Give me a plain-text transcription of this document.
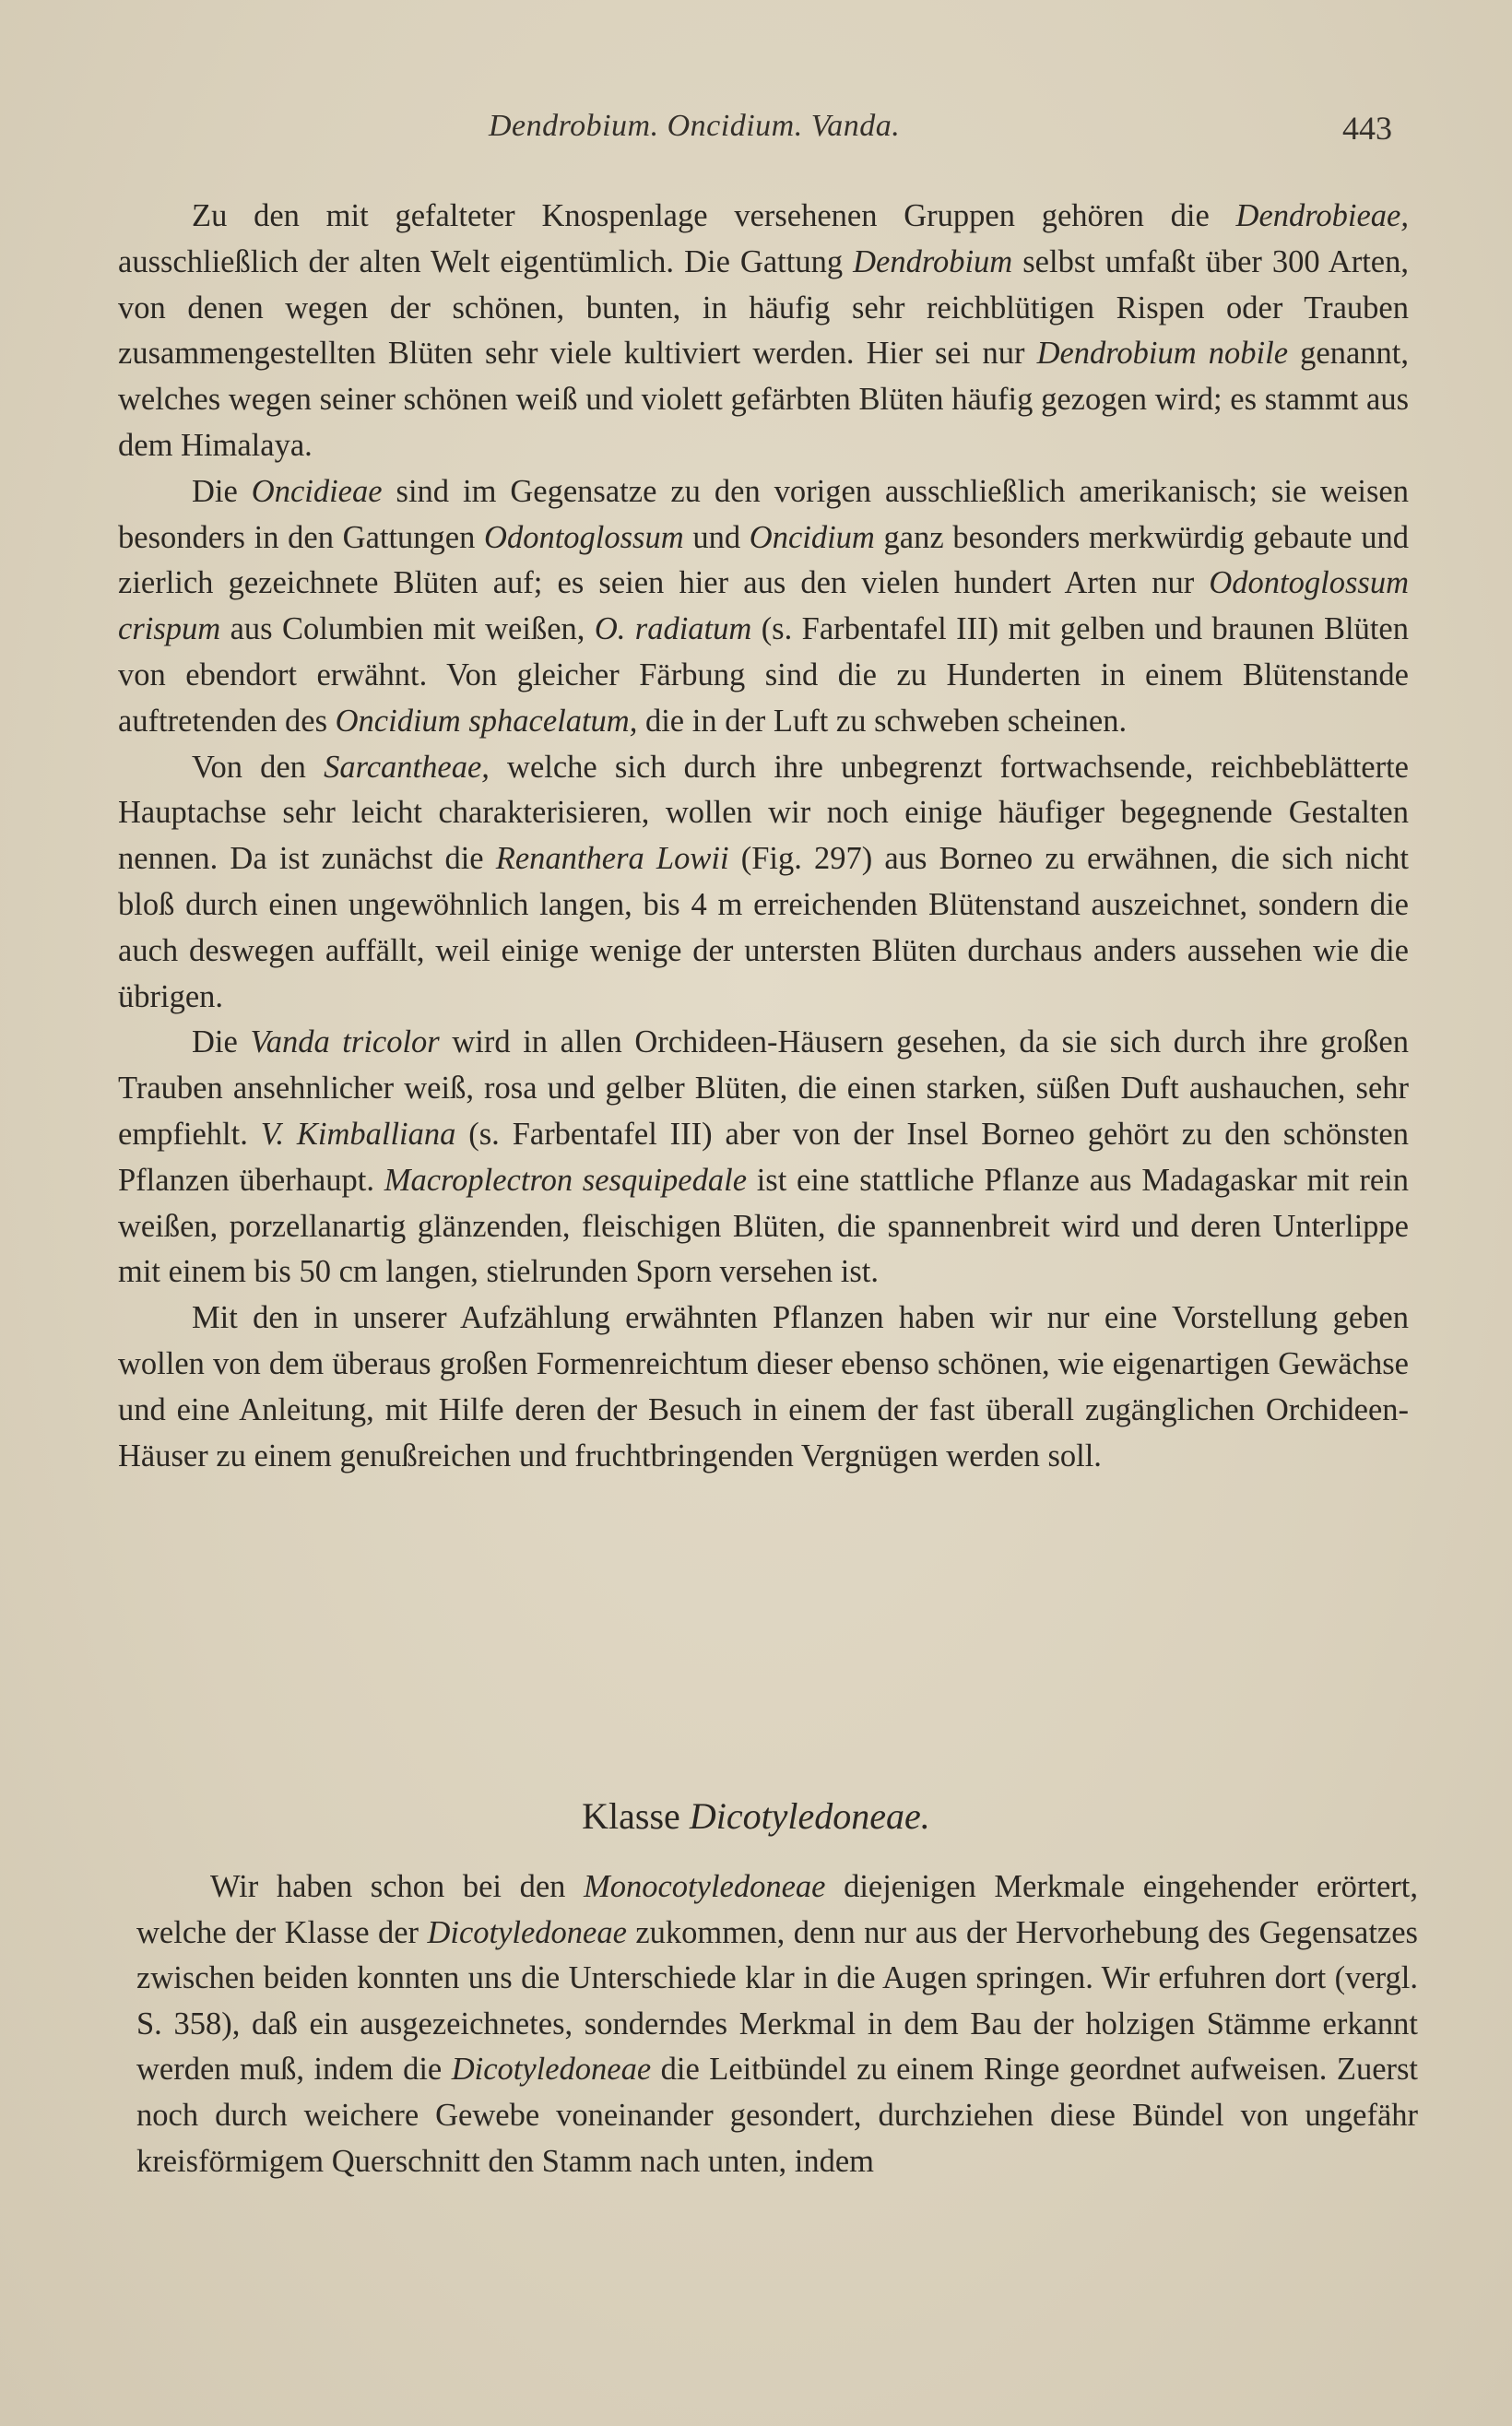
Dendrobium. Oncidium. Vanda.	443

Zu den mit gefalteter Knospenlage versehenen Gruppen gehören die Dendrobieae, ausschließlich der alten Welt eigentümlich. Die Gattung Dendrobium selbst umfaßt über 300 Arten, von denen wegen der schönen, bunten, in häufig sehr reichblütigen Rispen oder Trauben zusammengestellten Blüten sehr viele kultiviert werden. Hier sei nur Dendrobium nobile genannt, welches wegen seiner schönen weiß und violett gefärbten Blüten häufig gezogen wird; es stammt aus dem Himalaya.

Die Oncidieae sind im Gegensatze zu den vorigen ausschließlich amerikanisch; sie weisen besonders in den Gattungen Odontoglossum und Oncidium ganz besonders merkwürdig gebaute und zierlich gezeichnete Blüten auf; es seien hier aus den vielen hundert Arten nur Odontoglossum crispum aus Columbien mit weißen, O. radiatum (s. Farbentafel III) mit gelben und braunen Blüten von ebendort erwähnt. Von gleicher Färbung sind die zu Hunderten in einem Blütenstande auftretenden des Oncidium sphacelatum, die in der Luft zu schweben scheinen.

Von den Sarcantheae, welche sich durch ihre unbegrenzt fortwachsende, reichbeblätterte Hauptachse sehr leicht charakterisieren, wollen wir noch einige häufiger begegnende Gestalten nennen. Da ist zunächst die Renanthera Lowii (Fig. 297) aus Borneo zu erwähnen, die sich nicht bloß durch einen ungewöhnlich langen, bis 4 m erreichenden Blütenstand auszeichnet, sondern die auch deswegen auffällt, weil einige wenige der untersten Blüten durchaus anders aussehen wie die übrigen.

Die Vanda tricolor wird in allen Orchideen-Häusern gesehen, da sie sich durch ihre großen Trauben ansehnlicher weiß, rosa und gelber Blüten, die einen starken, süßen Duft aushauchen, sehr empfiehlt. V. Kimballiana (s. Farbentafel III) aber von der Insel Borneo gehört zu den schönsten Pflanzen überhaupt. Macroplectron sesquipedale ist eine stattliche Pflanze aus Madagaskar mit rein weißen, porzellanartig glänzenden, fleischigen Blüten, die spannenbreit wird und deren Unterlippe mit einem bis 50 cm langen, stielrunden Sporn versehen ist.

Mit den in unserer Aufzählung erwähnten Pflanzen haben wir nur eine Vorstellung geben wollen von dem überaus großen Formenreichtum dieser ebenso schönen, wie eigenartigen Gewächse und eine Anleitung, mit Hilfe deren der Besuch in einem der fast überall zugänglichen Orchideen-Häuser zu einem genußreichen und fruchtbringenden Vergnügen werden soll.

Klasse Dicotyledoneae.

Wir haben schon bei den Monocotyledoneae diejenigen Merkmale eingehender erörtert, welche der Klasse der Dicotyledoneae zukommen, denn nur aus der Hervorhebung des Gegensatzes zwischen beiden konnten uns die Unterschiede klar in die Augen springen. Wir erfuhren dort (vergl. S. 358), daß ein ausgezeichnetes, sonderndes Merkmal in dem Bau der holzigen Stämme erkannt werden muß, indem die Dicotyledoneae die Leitbündel zu einem Ringe geordnet aufweisen. Zuerst noch durch weichere Gewebe voneinander gesondert, durchziehen diese Bündel von ungefähr kreisförmigem Querschnitt den Stamm nach unten, indem
